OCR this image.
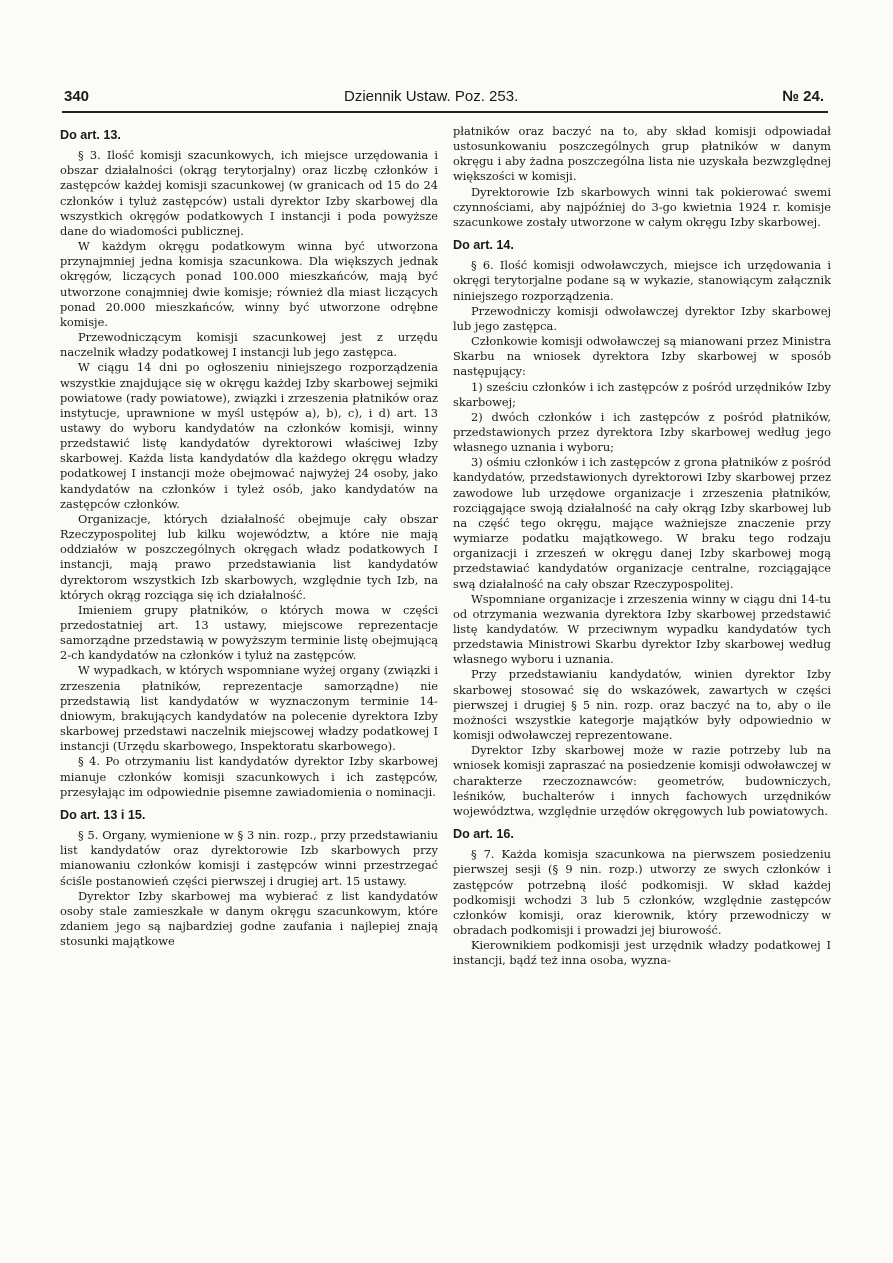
340	Dziennik Ustaw. Poz. 253.	№ 24.
Do art. 13.

§ 3. Ilość komisji szacunkowych, ich miejsce urzędowania i obszar działalności (okrąg terytorjalny) oraz liczbę członków i zastępców każdej komisji szacunkowej (w granicach od 15 do 24 członków i tyluż zastępców) ustali dyrektor Izby skarbowej dla wszystkich okręgów podatkowych I instancji i poda powyższe dane do wiadomości publicznej.

W każdym okręgu podatkowym winna być utworzona przynajmniej jedna komisja szacunkowa. Dla większych jednak okręgów, liczących ponad 100.000 mieszkańców, mają być utworzone conajmniej dwie komisje; również dla miast liczących ponad 20.000 mieszkańców, winny być utworzone odrębne komisje.

Przewodniczącym komisji szacunkowej jest z urzędu naczelnik władzy podatkowej I instancji lub jego zastępca.

W ciągu 14 dni po ogłoszeniu niniejszego rozporządzenia wszystkie znajdujące się w okręgu każdej Izby skarbowej sejmiki powiatowe (rady powiatowe), związki i zrzeszenia płatników oraz instytucje, uprawnione w myśl ustępów a), b), c), i d) art. 13 ustawy do wyboru kandydatów na członków komisji, winny przedstawić listę kandydatów dyrektorowi właściwej Izby skarbowej. Każda lista kandydatów dla każdego okręgu władzy podatkowej I instancji może obejmować najwyżej 24 osoby, jako kandydatów na członków i tyleż osób, jako kandydatów na zastępców członków.

Organizacje, których działalność obejmuje cały obszar Rzeczypospolitej lub kilku województw, a które nie mają oddziałów w poszczególnych okręgach władz podatkowych I instancji, mają prawo przedstawiania list kandydatów dyrektorom wszystkich Izb skarbowych, względnie tych Izb, na których okrąg rozciąga się ich działalność.

Imieniem grupy płatników, o których mowa w części przedostatniej art. 13 ustawy, miejscowe reprezentacje samorządne przedstawią w powyższym terminie listę obejmującą 2-ch kandydatów na członków i tyluż na zastępców.

W wypadkach, w których wspomniane wyżej organy (związki i zrzeszenia płatników, reprezentacje samorządne) nie przedstawią list kandydatów w wyznaczonym terminie 14-dniowym, brakujących kandydatów na polecenie dyrektora Izby skarbowej przedstawi naczelnik miejscowej władzy podatkowej I instancji (Urzędu skarbowego, Inspektoratu skarbowego).

§ 4. Po otrzymaniu list kandydatów dyrektor Izby skarbowej mianuje członków komisji szacunkowych i ich zastępców, przesyłając im odpowiednie pisemne zawiadomienia o nominacji.

Do art. 13 i 15.

§ 5. Organy, wymienione w § 3 nin. rozp., przy przedstawianiu list kandydatów oraz dyrektorowie Izb skarbowych przy mianowaniu członków komisji i zastępców winni przestrzegać ściśle postanowień części pierwszej i drugiej art. 15 ustawy.

Dyrektor Izby skarbowej ma wybierać z list kandydatów osoby stale zamieszkałe w danym okręgu szacunkowym, które zdaniem jego są najbardziej godne zaufania i najlepiej znają stosunki majątkowe

płatników oraz baczyć na to, aby skład komisji odpowiadał ustosunkowaniu poszczególnych grup płatników w danym okręgu i aby żadna poszczególna lista nie uzyskała bezwzględnej większości w komisji.

Dyrektorowie Izb skarbowych winni tak pokierować swemi czynnościami, aby najpóźniej do 3-go kwietnia 1924 r. komisje szacunkowe zostały utworzone w całym okręgu Izby skarbowej.

Do art. 14.

§ 6. Ilość komisji odwoławczych, miejsce ich urzędowania i okręgi terytorjalne podane są w wykazie, stanowiącym załącznik niniejszego rozporządzenia.

Przewodniczy komisji odwoławczej dyrektor Izby skarbowej lub jego zastępca.

Członkowie komisji odwoławczej są mianowani przez Ministra Skarbu na wniosek dyrektora Izby skarbowej w sposób następujący:

1) sześciu członków i ich zastępców z pośród urzędników Izby skarbowej;

2) dwóch członków i ich zastępców z pośród płatników, przedstawionych przez dyrektora Izby skarbowej według jego własnego uznania i wyboru;

3) ośmiu członków i ich zastępców z grona płatników z pośród kandydatów, przedstawionych dyrektorowi Izby skarbowej przez zawodowe lub urzędowe organizacje i zrzeszenia płatników, rozciągające swoją działalność na cały okrąg Izby skarbowej lub na część tego okręgu, mające ważniejsze znaczenie przy wymiarze podatku majątkowego. W braku tego rodzaju organizacji i zrzeszeń w okręgu danej Izby skarbowej mogą przedstawiać kandydatów organizacje centralne, rozciągające swą działalność na cały obszar Rzeczypospolitej.

Wspomniane organizacje i zrzeszenia winny w ciągu dni 14-tu od otrzymania wezwania dyrektora Izby skarbowej przedstawić listę kandydatów. W przeciwnym wypadku kandydatów tych przedstawia Ministrowi Skarbu dyrektor Izby skarbowej według własnego wyboru i uznania.

Przy przedstawianiu kandydatów, winien dyrektor Izby skarbowej stosować się do wskazówek, zawartych w części pierwszej i drugiej § 5 nin. rozp. oraz baczyć na to, aby o ile możności wszystkie kategorje majątków były odpowiednio w komisji odwoławczej reprezentowane.

Dyrektor Izby skarbowej może w razie potrzeby lub na wniosek komisji zapraszać na posiedzenie komisji odwoławczej w charakterze rzeczoznawców: geometrów, budowniczych, leśników, buchalterów i innych fachowych urzędników województwa, względnie urzędów okręgowych lub powiatowych.

Do art. 16.

§ 7. Każda komisja szacunkowa na pierwszem posiedzeniu pierwszej sesji (§ 9 nin. rozp.) utworzy ze swych członków i zastępców potrzebną ilość podkomisji. W skład każdej podkomisji wchodzi 3 lub 5 członków, względnie zastępców członków komisji, oraz kierownik, który przewodniczy w obradach podkomisji i prowadzi jej biurowość.

Kierownikiem podkomisji jest urzędnik władzy podatkowej I instancji, bądź też inna osoba, wyzna-
